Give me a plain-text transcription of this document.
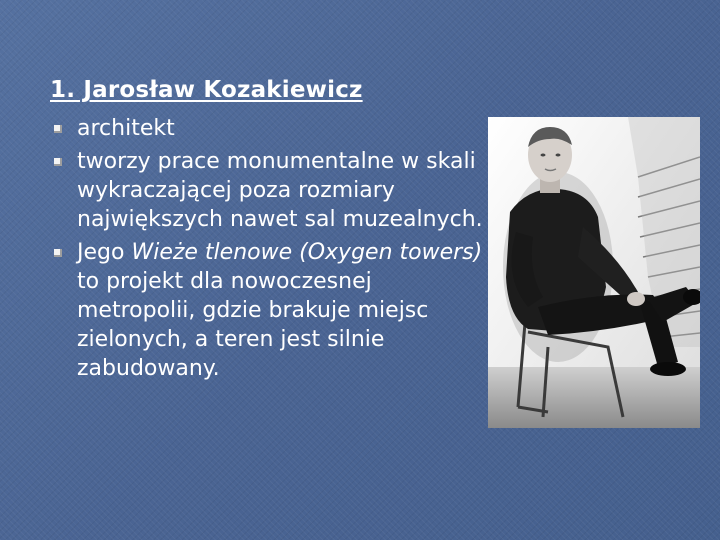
1. Jarosław Kozakiewicz
architekt
tworzy prace monumentalne w skali wykraczającej poza rozmiary największych nawet sal muzealnych.
Jego Wieże tlenowe (Oxygen towers) to projekt dla nowoczesnej metropolii, gdzie brakuje miejsc zielonych, a teren jest silnie zabudowany.
